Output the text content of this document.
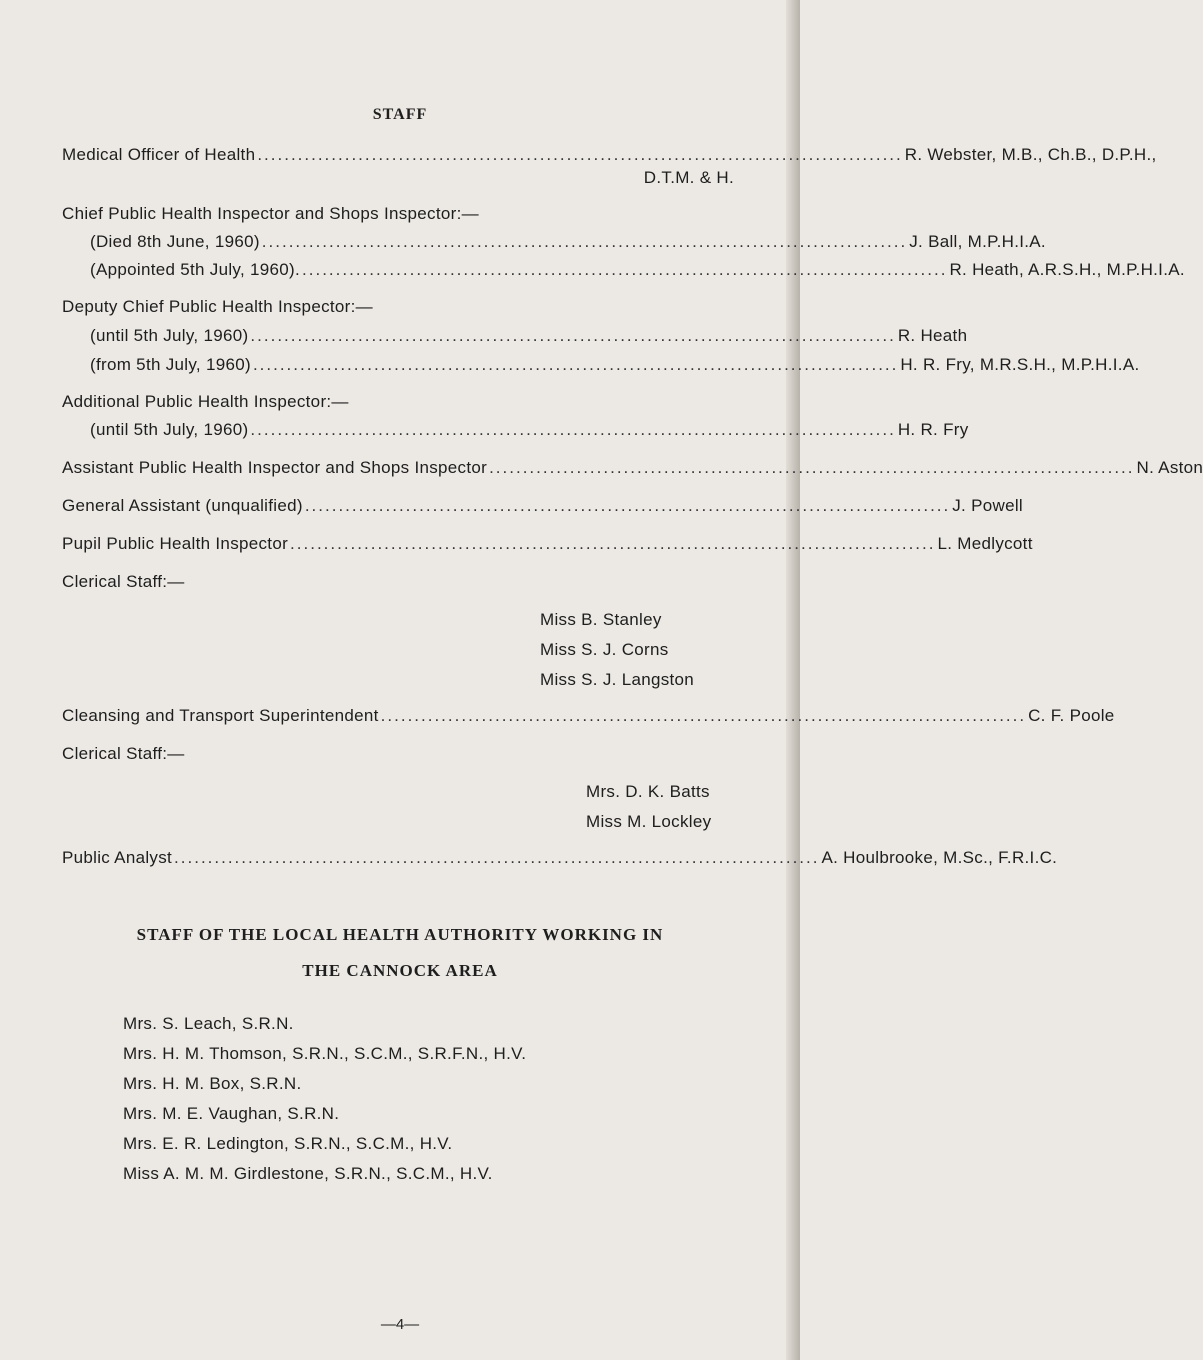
STAFF
Medical Officer of Health ................................................................................................ R. Webster, M.B., Ch.B., D.P.H.,
D.T.M. & H.
Chief Public Health Inspector and Shops Inspector:—
(Died 8th June, 1960) ................................................................................................ J. Ball, M.P.H.I.A.
(Appointed 5th July, 1960). ................................................................................................ R. Heath, A.R.S.H., M.P.H.I.A.
Deputy Chief Public Health Inspector:—
(until 5th July, 1960) ................................................................................................ R. Heath
(from 5th July, 1960) ................................................................................................ H. R. Fry, M.R.S.H., M.P.H.I.A.
Additional Public Health Inspector:—
(until 5th July, 1960) ................................................................................................ H. R. Fry
Assistant Public Health Inspector and Shops Inspector ................................................................................................ N. Aston
General Assistant (unqualified) ................................................................................................ J. Powell
Pupil Public Health Inspector ................................................................................................ L. Medlycott
Clerical Staff:—
Miss B. Stanley
Miss S. J. Corns
Miss S. J. Langston
Cleansing and Transport Superintendent ................................................................................................ C. F. Poole
Clerical Staff:—
Mrs. D. K. Batts
Miss M. Lockley
Public Analyst ................................................................................................ A. Houlbrooke, M.Sc., F.R.I.C.
STAFF OF THE LOCAL HEALTH AUTHORITY WORKING IN
THE CANNOCK AREA
Mrs. S. Leach, S.R.N.
Mrs. H. M. Thomson, S.R.N., S.C.M., S.R.F.N., H.V.
Mrs. H. M. Box, S.R.N.
Mrs. M. E. Vaughan, S.R.N.
Mrs. E. R. Ledington, S.R.N., S.C.M., H.V.
Miss A. M. M. Girdlestone, S.R.N., S.C.M., H.V.
—4—
